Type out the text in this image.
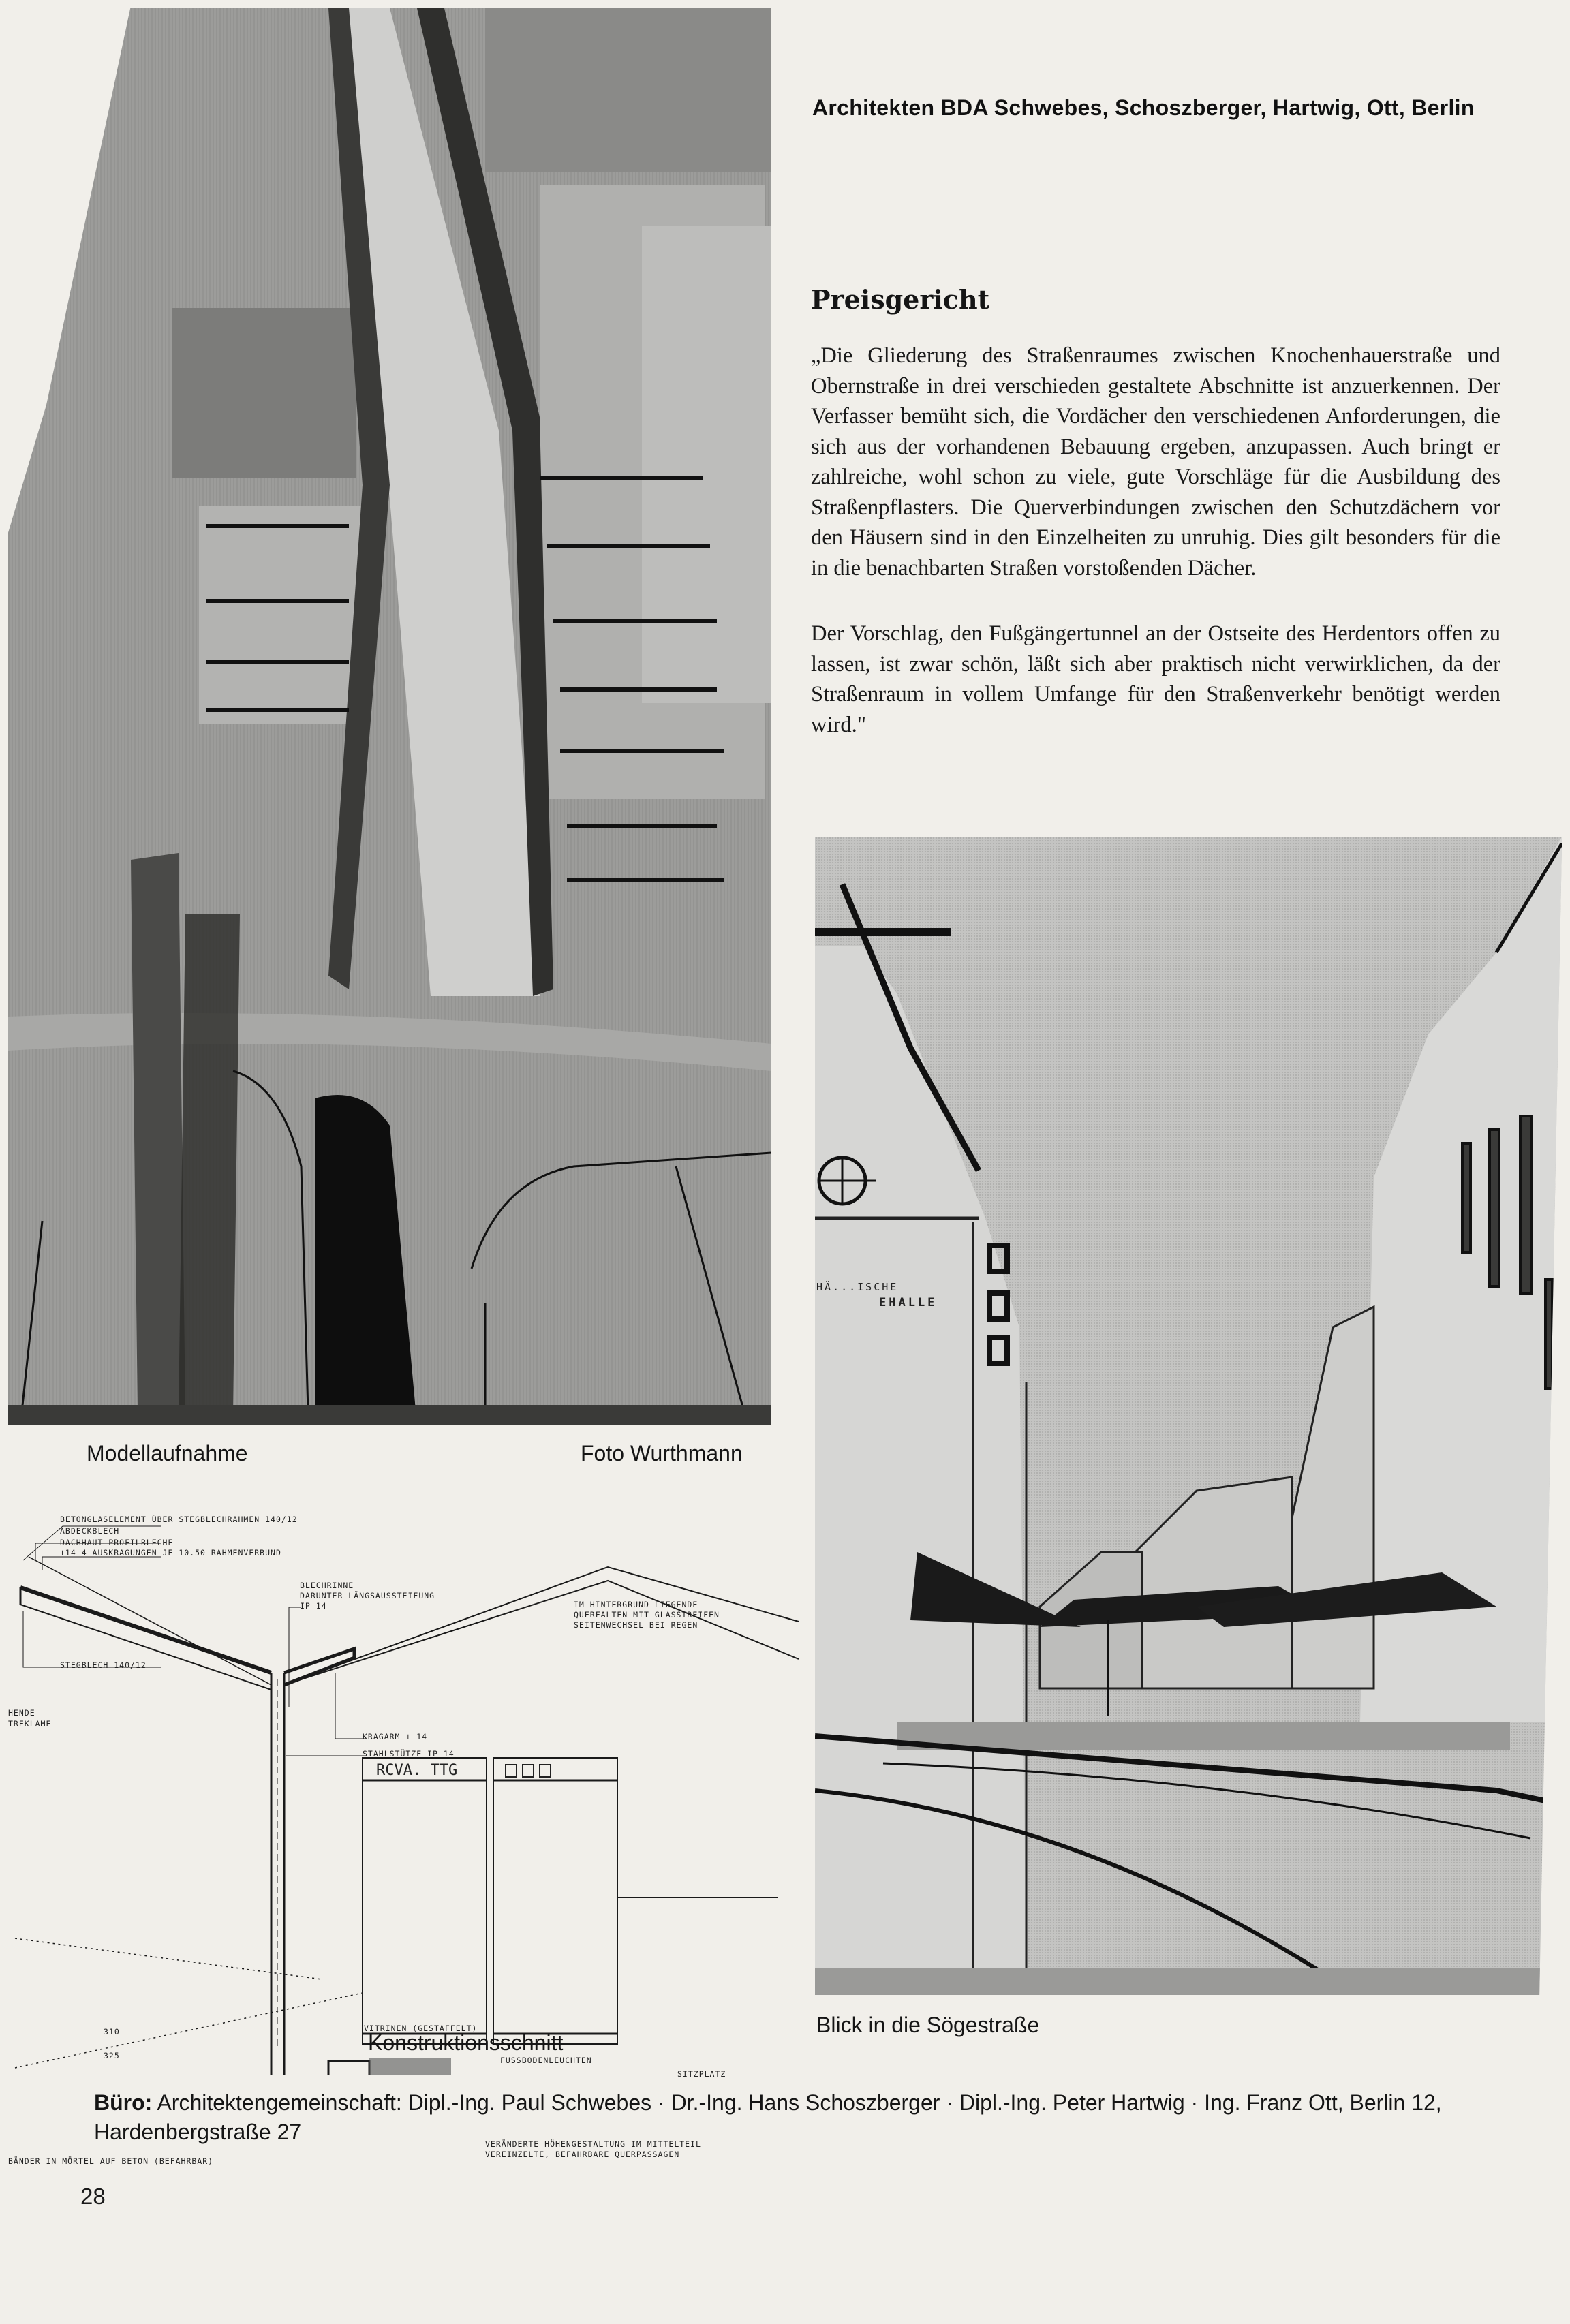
Architekten BDA Schwebes, Schoszberger, Hartwig, Ott, Berlin
Preisgericht

„Die Gliederung des Straßenraumes zwischen Knochenhauerstraße und Obernstraße in drei verschieden gestaltete Abschnitte ist anzuerkennen. Der Verfasser bemüht sich, die Vordächer den verschiedenen Anforderungen, die sich aus der vorhandenen Bebauung ergeben, anzupassen. Auch bringt er zahlreiche, wohl schon zu viele, gute Vorschläge für die Ausbildung des Straßenpflasters. Die Querverbindungen zwischen den Schutzdächern vor den Häusern sind in den Einzelheiten zu unruhig. Dies gilt besonders für die in die benachbarten Straßen vorstoßenden Dächer.

Der Vorschlag, den Fußgängertunnel an der Ostseite des Herdentors offen zu lassen, ist zwar schön, läßt sich aber praktisch nicht verwirklichen, da der Straßenraum in vollem Umfange für den Straßenverkehr benötigt werden wird."

HÄ...ISCHE
EHALLE
Modellaufnahme	Foto Wurthmann
Blick in die Sögestraße
RCVA. TTG
BETONGLASELEMENT ÜBER STEGBLECHRAHMEN 140/12
ABDECKBLECH
DACHHAUT PROFILBLECHE
⊥14 4 AUSKRAGUNGEN JE 10.50 RAHMENVERBUND
STEGBLECH 140/12
BLECHRINNE
DARUNTER LÄNGSAUSSTEIFUNG
IP 14
KRAGARM ⊥ 14
STAHLSTÜTZE IP 14
IM HINTERGRUND LIEGENDE
QUERFALTEN MIT GLASSTREIFEN
SEITENWECHSEL BEI REGEN
HENDE
TREKLAME
VITRINEN (GESTAFFELT)
FUSSBODENLEUCHTEN
SITZPLATZ
310
325
BÄNDER IN MÖRTEL AUF BETON (BEFAHRBAR)
VERÄNDERTE HÖHENGESTALTUNG IM MITTELTEIL
VEREINZELTE, BEFAHRBARE QUERPASSAGEN
Konstruktionsschnitt
Büro: Architektengemeinschaft: Dipl.-Ing. Paul Schwebes · Dr.-Ing. Hans Schoszberger · Dipl.-Ing. Peter Hartwig · Ing. Franz Ott, Berlin 12, Hardenbergstraße 27
28
